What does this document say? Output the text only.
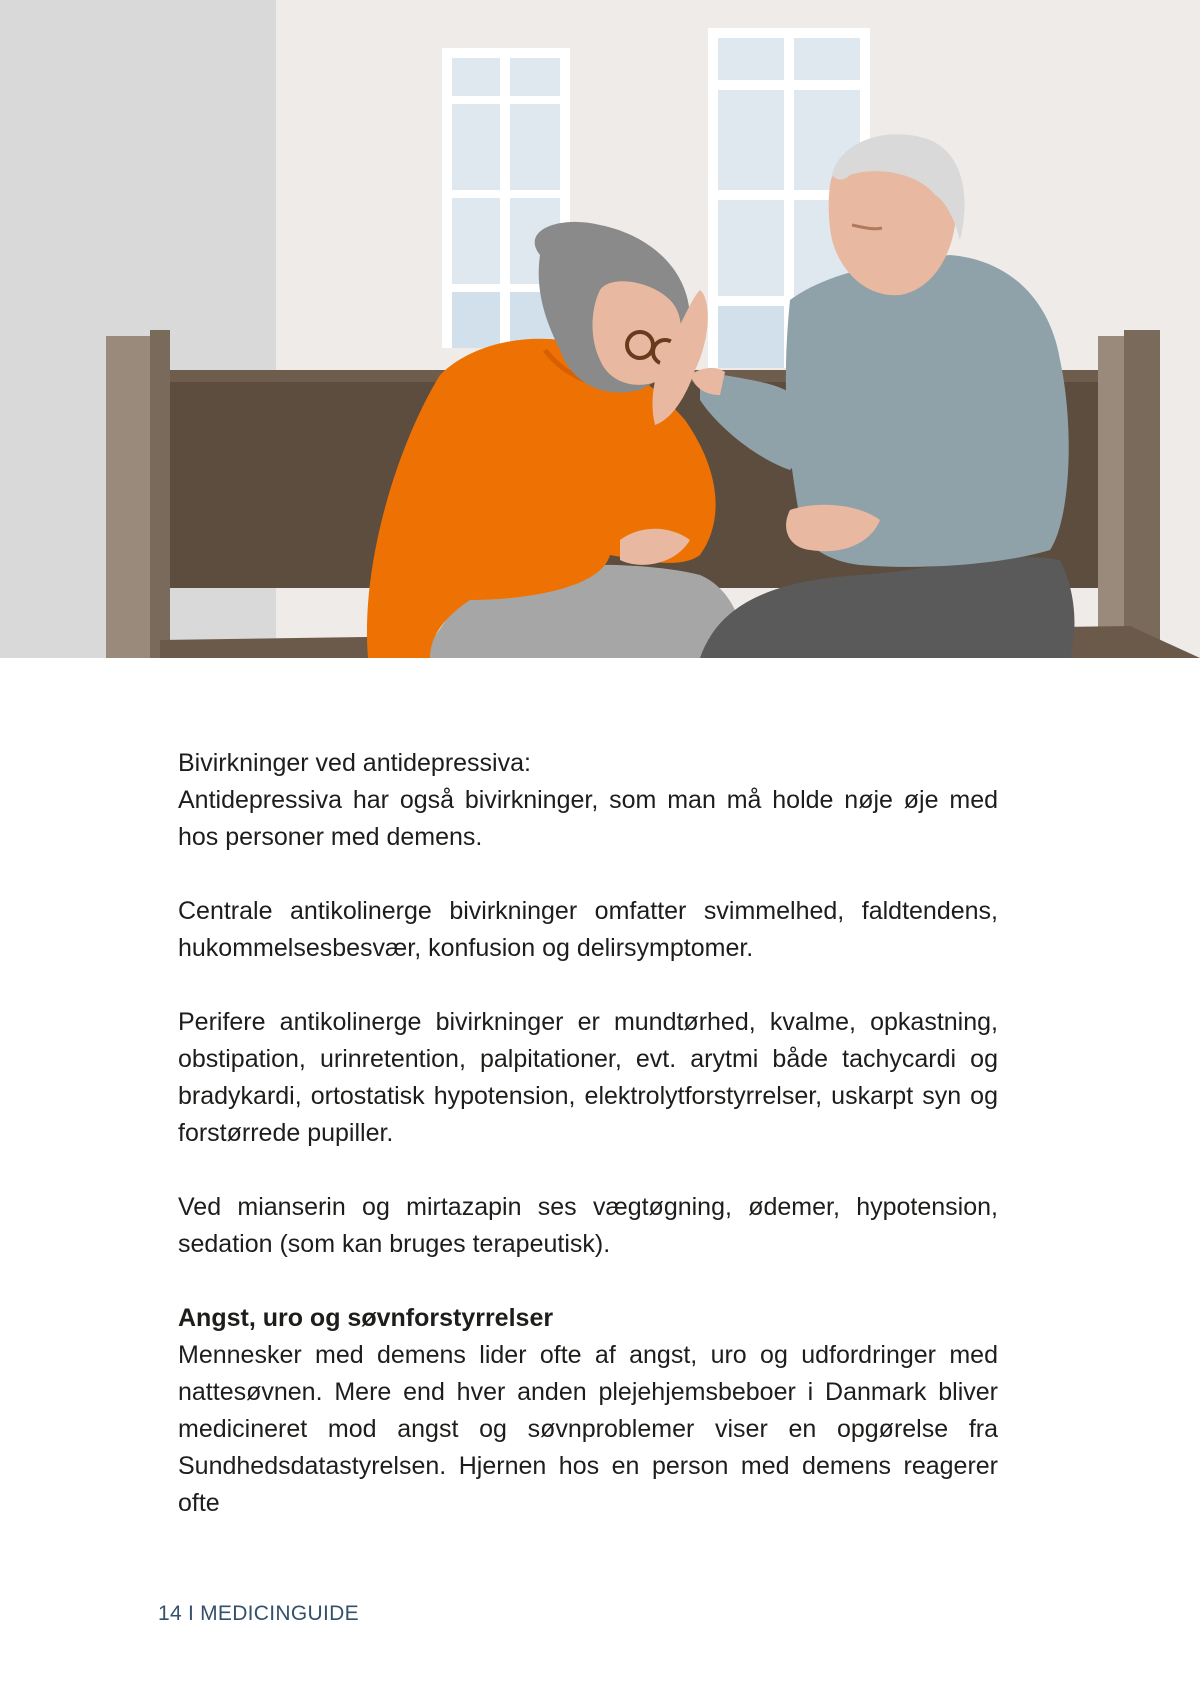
Bivirkninger ved antidepressiva:
Antidepressiva har også bivirkninger, som man må holde nøje øje med hos personer med demens.

Centrale antikolinerge bivirkninger omfatter svimmelhed, faldtendens, hukommelsesbesvær, konfusion og delirsymptomer.

Perifere antikolinerge bivirkninger er mundtørhed, kvalme, opkastning, obstipation, urinretention, palpitationer, evt. arytmi både tachycardi og bradykardi, ortostatisk hypotension, elektrolytforstyrrelser, uskarpt syn og forstørrede pupiller.

Ved mianserin og mirtazapin ses vægtøgning, ødemer, hypotension, sedation (som kan bruges terapeutisk).

Angst, uro og søvnforstyrrelser

Mennesker med demens lider ofte af angst, uro og udfordringer med nattesøvnen. Mere end hver anden plejehjemsbeboer i Danmark bliver medicineret mod angst og søvnproblemer viser en opgørelse fra Sundhedsdatastyrelsen. Hjernen hos en person med demens reagerer ofte

14 I MEDICINGUIDE
